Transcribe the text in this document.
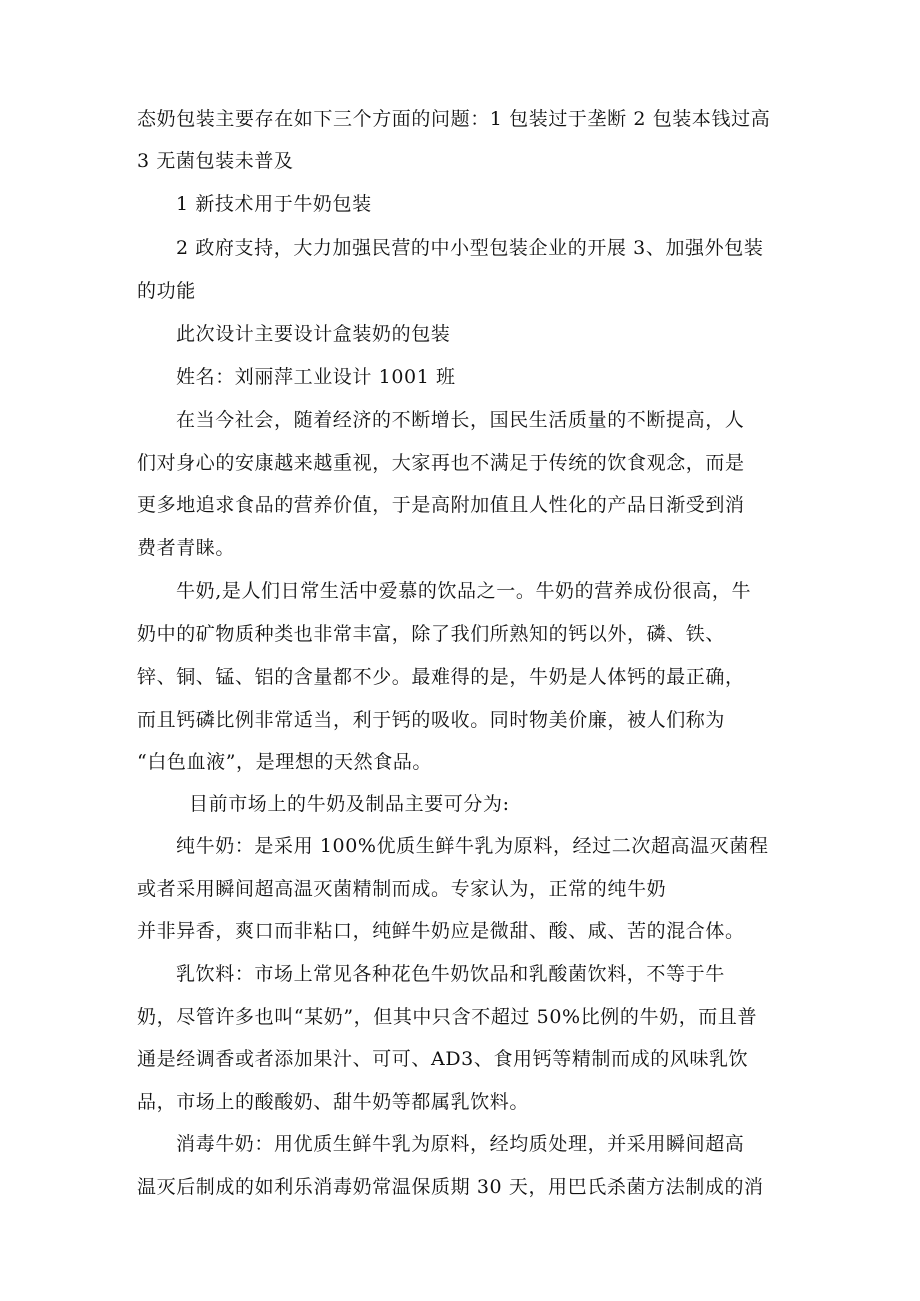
态奶包装主要存在如下三个方面的问题：1 包装过于垄断 2 包装本钱过高
3 无菌包装未普及
1 新技术用于牛奶包装
2 政府支持，大力加强民营的中小型包装企业的开展 3、加强外包装
的功能
此次设计主要设计盒装奶的包装
姓名：刘丽萍工业设计 1001 班
在当今社会，随着经济的不断增长，国民生活质量的不断提高，人
们对身心的安康越来越重视，大家再也不满足于传统的饮食观念，而是
更多地追求食品的营养价值，于是高附加值且人性化的产品日渐受到消
费者青睐。
牛奶,是人们日常生活中爱慕的饮品之一。牛奶的营养成份很高，牛
奶中的矿物质种类也非常丰富，除了我们所熟知的钙以外，磷、铁、
锌、铜、锰、铝的含量都不少。最难得的是，牛奶是人体钙的最正确，
而且钙磷比例非常适当，利于钙的吸收。同时物美价廉，被人们称为
“白色血液”，是理想的天然食品。
目前市场上的牛奶及制品主要可分为:
纯牛奶：是采用 100%优质生鲜牛乳为原料，经过二次超高温灭菌程
或者采用瞬间超高温灭菌精制而成。专家认为，正常的纯牛奶
并非异香，爽口而非粘口，纯鲜牛奶应是微甜、酸、咸、苦的混合体。
乳饮料：市场上常见各种花色牛奶饮品和乳酸菌饮料，不等于牛
奶，尽管许多也叫“某奶”，但其中只含不超过 50%比例的牛奶，而且普
通是经调香或者添加果汁、可可、AD3、食用钙等精制而成的风味乳饮
品，市场上的酸酸奶、甜牛奶等都属乳饮料。
消毒牛奶：用优质生鲜牛乳为原料，经均质处理，并采用瞬间超高
温灭后制成的如利乐消毒奶常温保质期 30 天，用巴氏杀菌方法制成的消
